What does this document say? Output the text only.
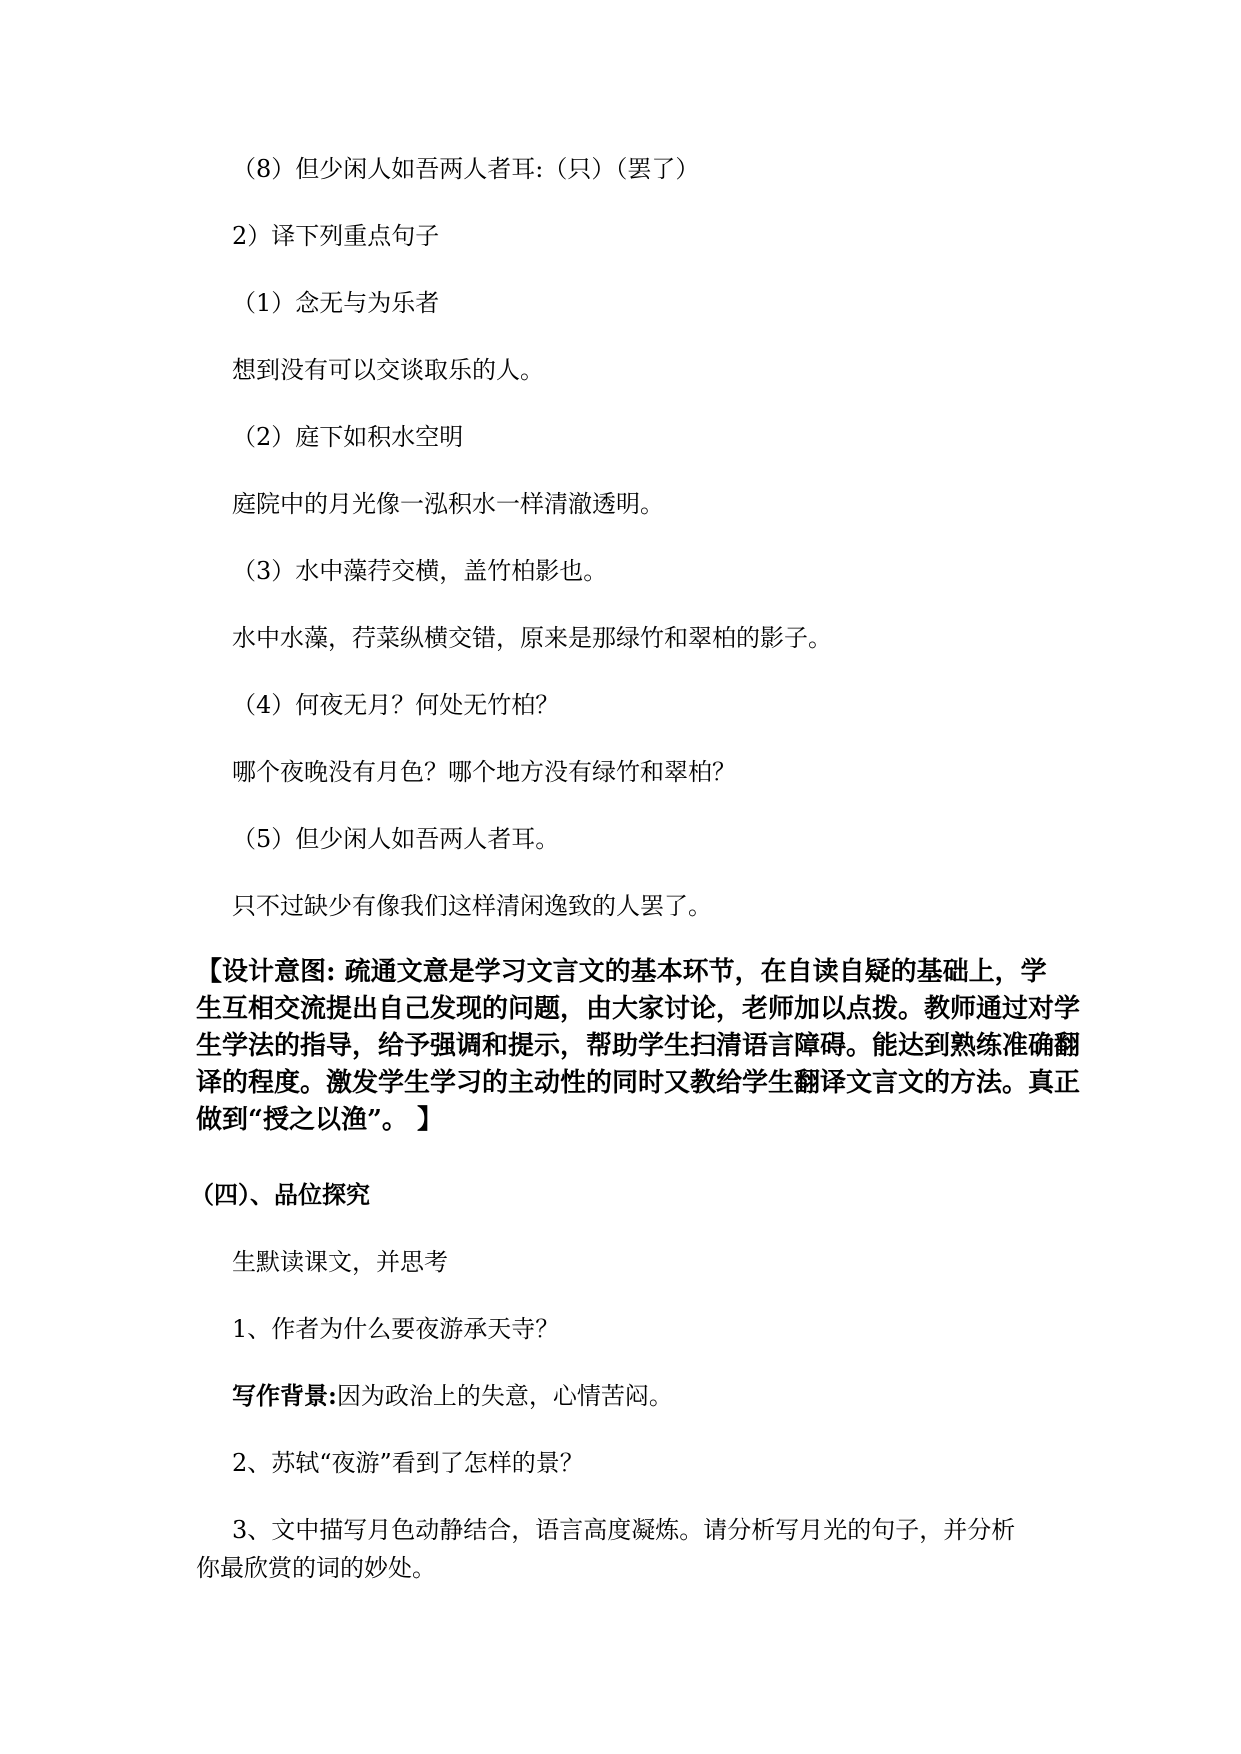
（8）但少闲人如吾两人者耳:（只）（罢了）
2）译下列重点句子
（1）念无与为乐者
想到没有可以交谈取乐的人。
（2）庭下如积水空明
庭院中的月光像一泓积水一样清澈透明。
（3）水中藻荇交横，盖竹柏影也。
水中水藻，荇菜纵横交错，原来是那绿竹和翠柏的影子。
（4）何夜无月？何处无竹柏？
哪个夜晚没有月色？哪个地方没有绿竹和翠柏？
（5）但少闲人如吾两人者耳。
只不过缺少有像我们这样清闲逸致的人罢了。
【设计意图: 疏通文意是学习文言文的基本环节，在自读自疑的基础上，学
生互相交流提出自己发现的问题，由大家讨论，老师加以点拨。教师通过对学
生学法的指导，给予强调和提示，帮助学生扫清语言障碍。能达到熟练准确翻
译的程度。激发学生学习的主动性的同时又教给学生翻译文言文的方法。真正
做到“授之以渔”。 】
（四）、品位探究
生默读课文，并思考
1、作者为什么要夜游承天寺？
写作背景:因为政治上的失意，心情苦闷。
2、苏轼“夜游”看到了怎样的景？
3、文中描写月色动静结合，语言高度凝炼。请分析写月光的句子，并分析
你最欣赏的词的妙处。
